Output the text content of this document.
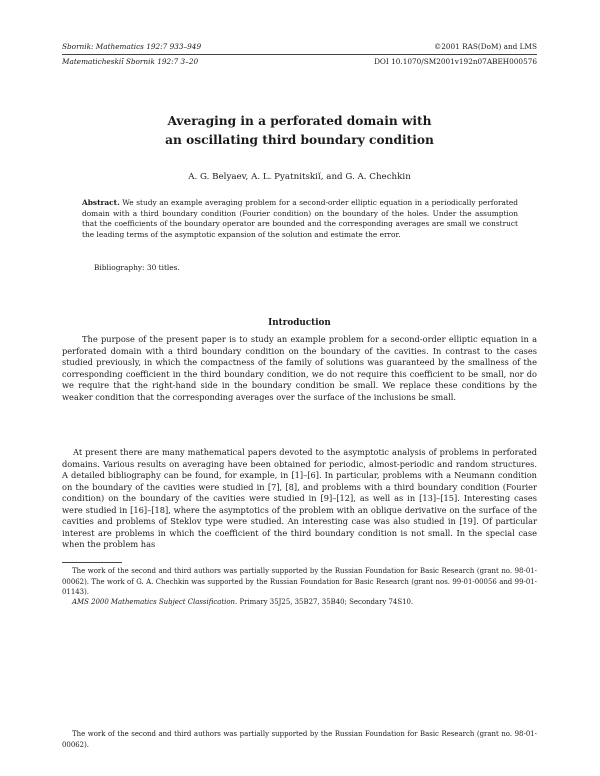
Sbornik: Mathematics 192:7 933–949	©2001 RAS(DoM) and LMS
Matematicheskiĭ Sbornik 192:7 3–20	DOI 10.1070/SM2001v192n07ABEH000576
Averaging in a perforated domain with
an oscillating third boundary condition
A. G. Belyaev, A. L. Pyatnitskiĭ, and G. A. Chechkin
Abstract. We study an example averaging problem for a second-order elliptic equation in a periodically perforated domain with a third boundary condition (Fourier condition) on the boundary of the holes. Under the assumption that the coefficients of the boundary operator are bounded and the corresponding averages are small we construct the leading terms of the asymptotic expansion of the solution and estimate the error.
Bibliography: 30 titles.
Introduction
The purpose of the present paper is to study an example problem for a second-order elliptic equation in a perforated domain with a third boundary condition on the boundary of the cavities. In contrast to the cases studied previously, in which the compactness of the family of solutions was guaranteed by the smallness of the corresponding coefficient in the third boundary condition, we do not require this coefficient to be small, nor do we require that the right-hand side in the boundary condition be small. We replace these conditions by the weaker condition that the corresponding averages over the surface of the inclusions be small.
At present there are many mathematical papers devoted to the asymptotic analysis of problems in perforated domains. Various results on averaging have been obtained for periodic, almost-periodic and random structures. A detailed bibliography can be found, for example, in [1]–[6]. In particular, problems with a Neumann condition on the boundary of the cavities were studied in [7], [8], and problems with a third boundary condition (Fourier condition) on the boundary of the cavities were studied in [9]–[12], as well as in [13]–[15]. Interesting cases were studied in [16]–[18], where the asymptotics of the problem with an oblique derivative on the surface of the cavities and problems of Steklov type were studied. An interesting case was also studied in [19]. Of particular interest are problems in which the coefficient of the third boundary condition is not small. In the special case when the problem has
The work of the second and third authors was partially supported by the Russian Foundation for Basic Research (grant no. 98-01-00062). The work of G. A. Chechkin was supported by the Russian Foundation for Basic Research (grant nos. 99-01-00056 and 99-01-01143).
AMS 2000 Mathematics Subject Classification. Primary 35J25, 35B27, 35B40; Secondary 74S10.
The work of the second and third authors was partially supported by the Russian Foundation for Basic Research (grant no. 98-01-00062).
